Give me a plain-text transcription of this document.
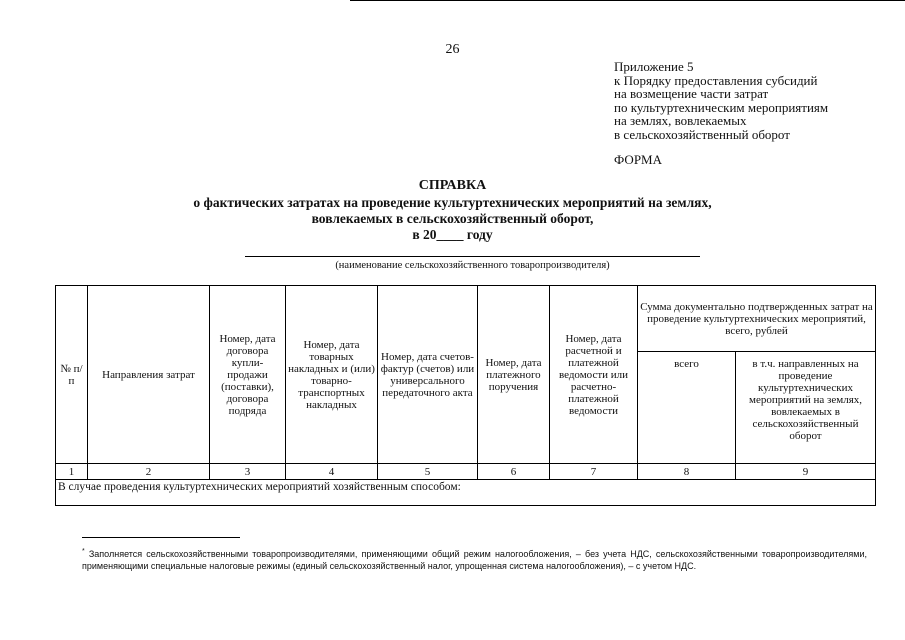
26
Приложение 5
к Порядку предоставления субсидий
на возмещение части затрат
по культуртехническим мероприятиям
на землях, вовлекаемых
в сельскохозяйственный оборот
ФОРМА
СПРАВКА
о фактических затратах на проведение культуртехнических мероприятий на землях,
вовлекаемых в сельскохозяйственный оборот,
в 20____ году
(наименование сельскохозяйственного товаропроизводителя)
№ п/п	Направления затрат	Номер, дата договора купли-продажи (поставки), договора подряда	Номер, дата товарных накладных и (или) товарно-транспортных накладных	Номер, дата счетов-фактур (счетов) или универсального передаточного акта	Номер, дата платежного поручения	Номер, дата расчетной и платежной ведомости или расчетно-платежной ведомости	Сумма документально подтвержденных затрат на проведение культуртехнических мероприятий, всего, рублей	
							всего	в т.ч. направленных на проведение культуртехнических мероприятий на землях, вовлекаемых в сельскохозяйственный оборот
1	2	3	4	5	6	7	8	9
В случае проведения культуртехнических мероприятий хозяйственным способом:								
* Заполняется сельскохозяйственными товаропроизводителями, применяющими общий режим налогообложения, – без учета НДС, сельскохозяйственными товаропроизводителями, применяющими специальные налоговые режимы (единый сельскохозяйственный налог, упрощенная система налогообложения), – с учетом НДС.
